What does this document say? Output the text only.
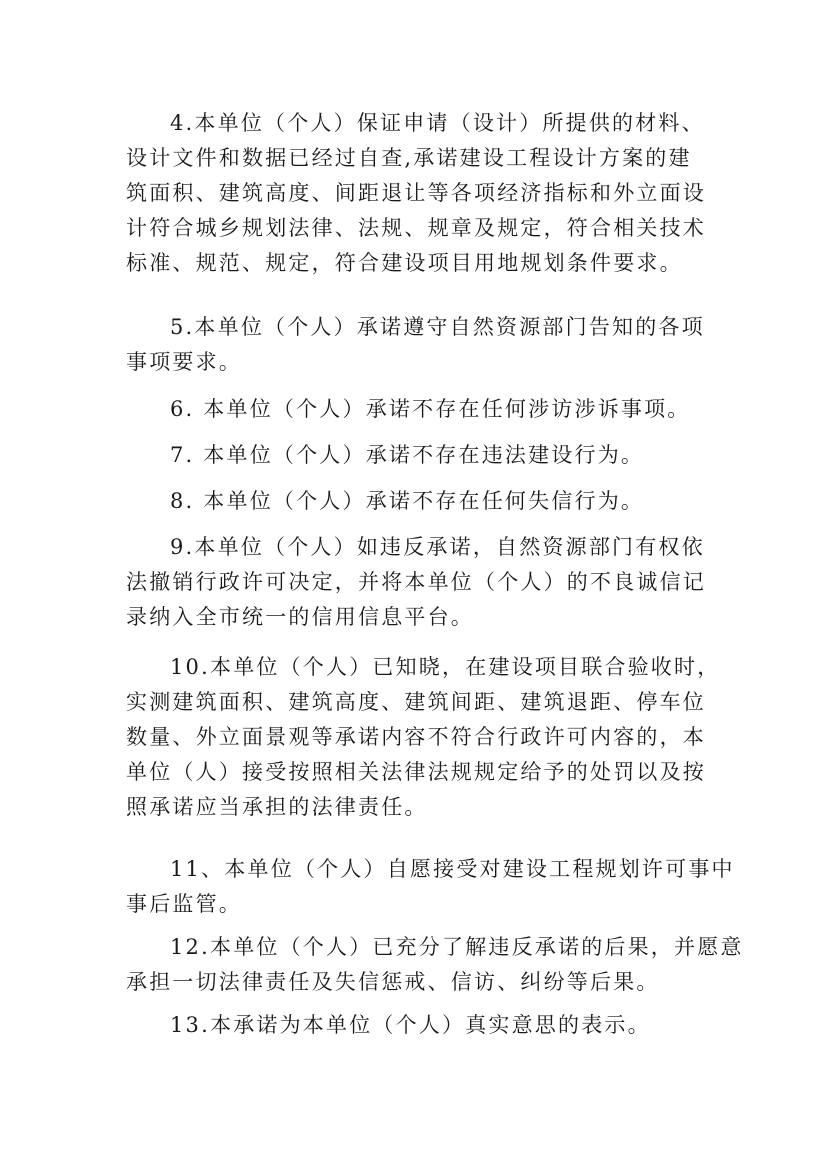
4.本单位（个人）保证申请（设计）所提供的材料、
设计文件和数据已经过自查,承诺建设工程设计方案的建
筑面积、建筑高度、间距退让等各项经济指标和外立面设
计符合城乡规划法律、法规、规章及规定，符合相关技术
标准、规范、规定，符合建设项目用地规划条件要求。
5.本单位（个人）承诺遵守自然资源部门告知的各项
事项要求。
6. 本单位（个人）承诺不存在任何涉访涉诉事项。
7. 本单位（个人）承诺不存在违法建设行为。
8. 本单位（个人）承诺不存在任何失信行为。
9.本单位（个人）如违反承诺，自然资源部门有权依
法撤销行政许可决定，并将本单位（个人）的不良诚信记
录纳入全市统一的信用信息平台。
10.本单位（个人）已知晓，在建设项目联合验收时，
实测建筑面积、建筑高度、建筑间距、建筑退距、停车位
数量、外立面景观等承诺内容不符合行政许可内容的，本
单位（人）接受按照相关法律法规规定给予的处罚以及按
照承诺应当承担的法律责任。
11、本单位（个人）自愿接受对建设工程规划许可事中
事后监管。
12.本单位（个人）已充分了解违反承诺的后果，并愿意
承担一切法律责任及失信惩戒、信访、纠纷等后果。
13.本承诺为本单位（个人）真实意思的表示。
